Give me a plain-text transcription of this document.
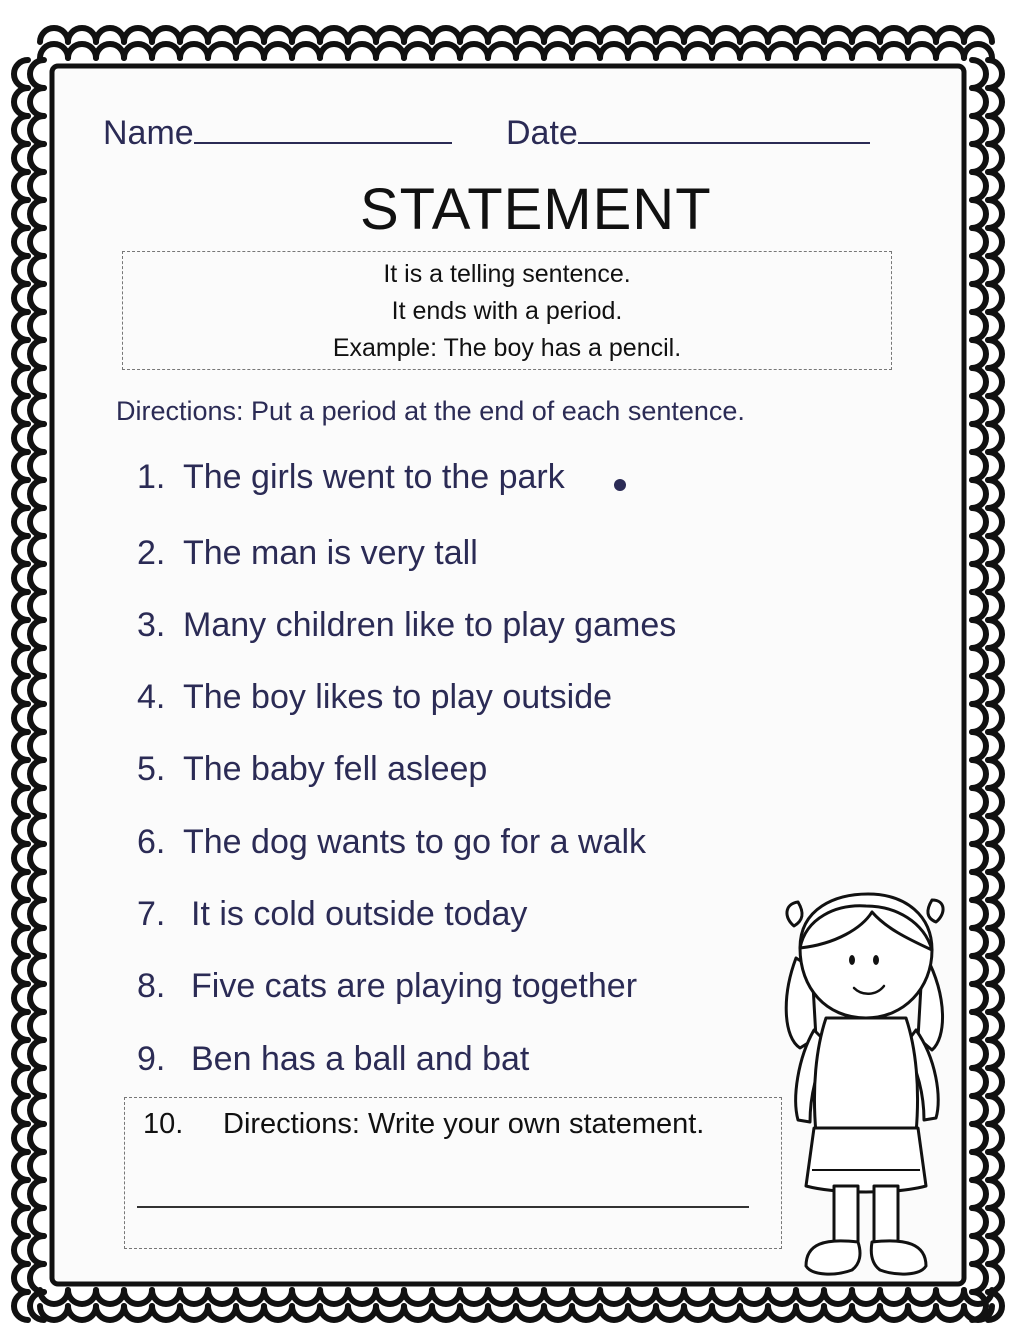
Name	Date
STATEMENT
It is a telling sentence.
It ends with a period.
Example: The boy has a pencil.
Directions: Put a period at the end of each sentence.
1. The girls went to the park
2. The man is very tall
3. Many children like to play games
4. The boy likes to play outside
5. The baby fell asleep
6. The dog wants to go for a walk
7. It is cold outside today
8. Five cats are playing together
9. Ben has a ball and bat
10. Directions: Write your own statement.
